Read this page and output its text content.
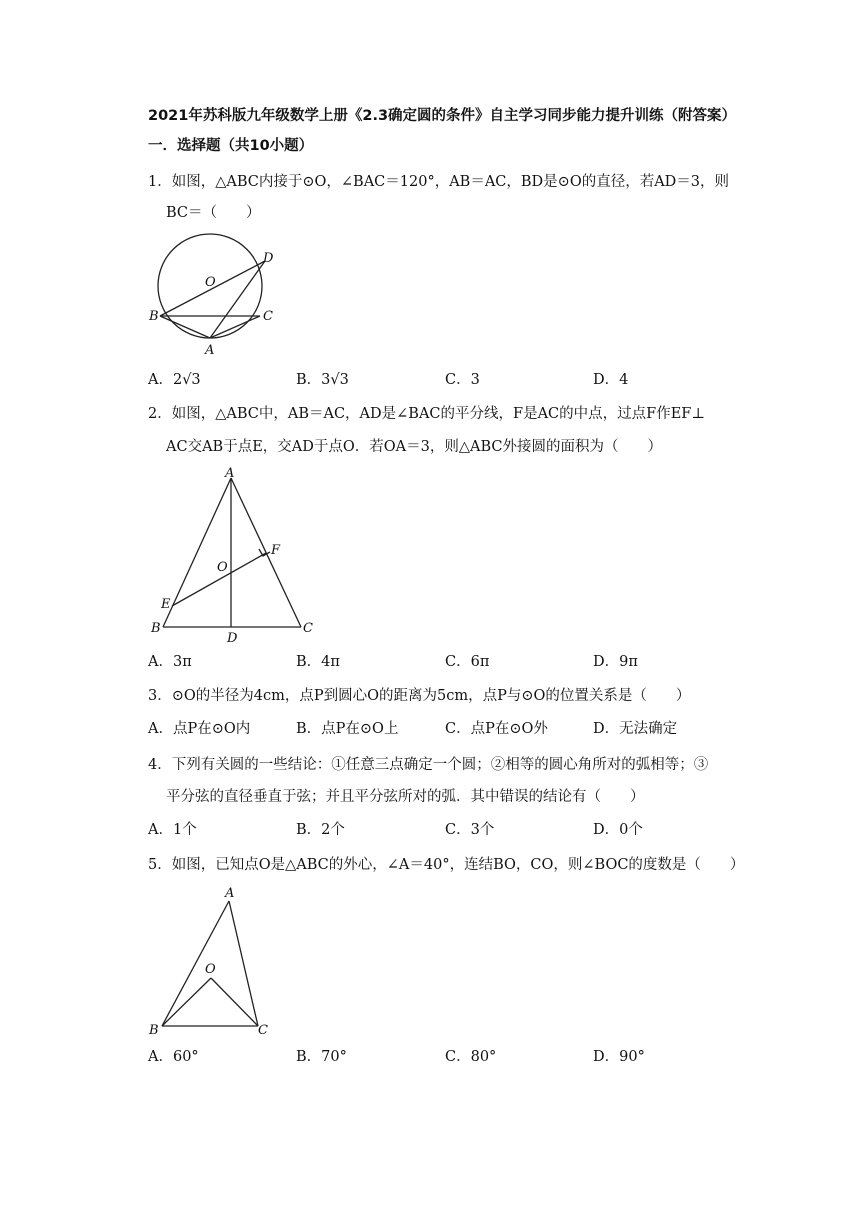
2021年苏科版九年级数学上册《2.3确定圆的条件》自主学习同步能力提升训练（附答案）
一．选择题（共10小题）
1．如图，△ABC内接于⊙O，∠BAC＝120°，AB＝AC，BD是⊙O的直径，若AD＝3，则
BC＝（　　）
O
D
B	C
A
A．2√3	B．3√3	C．3	D．4
2．如图，△ABC中，AB＝AC，AD是∠BAC的平分线，F是AC的中点，过点F作EF⊥
AC交AB于点E，交AD于点O．若OA＝3，则△ABC外接圆的面积为（　　）
A
F
O
E
B
D
C
A．3π	B．4π	C．6π	D．9π
3．⊙O的半径为4cm，点P到圆心O的距离为5cm，点P与⊙O的位置关系是（　　）
A．点P在⊙O内	B．点P在⊙O上	C．点P在⊙O外	D．无法确定
4．下列有关圆的一些结论：①任意三点确定一个圆；②相等的圆心角所对的弧相等；③
平分弦的直径垂直于弦；并且平分弦所对的弧．其中错误的结论有（　　）
A．1个	B．2个	C．3个	D．0个
5．如图，已知点O是△ABC的外心，∠A＝40°，连结BO，CO，则∠BOC的度数是（　　）
A
O
B	C
A．60°	B．70°	C．80°	D．90°
